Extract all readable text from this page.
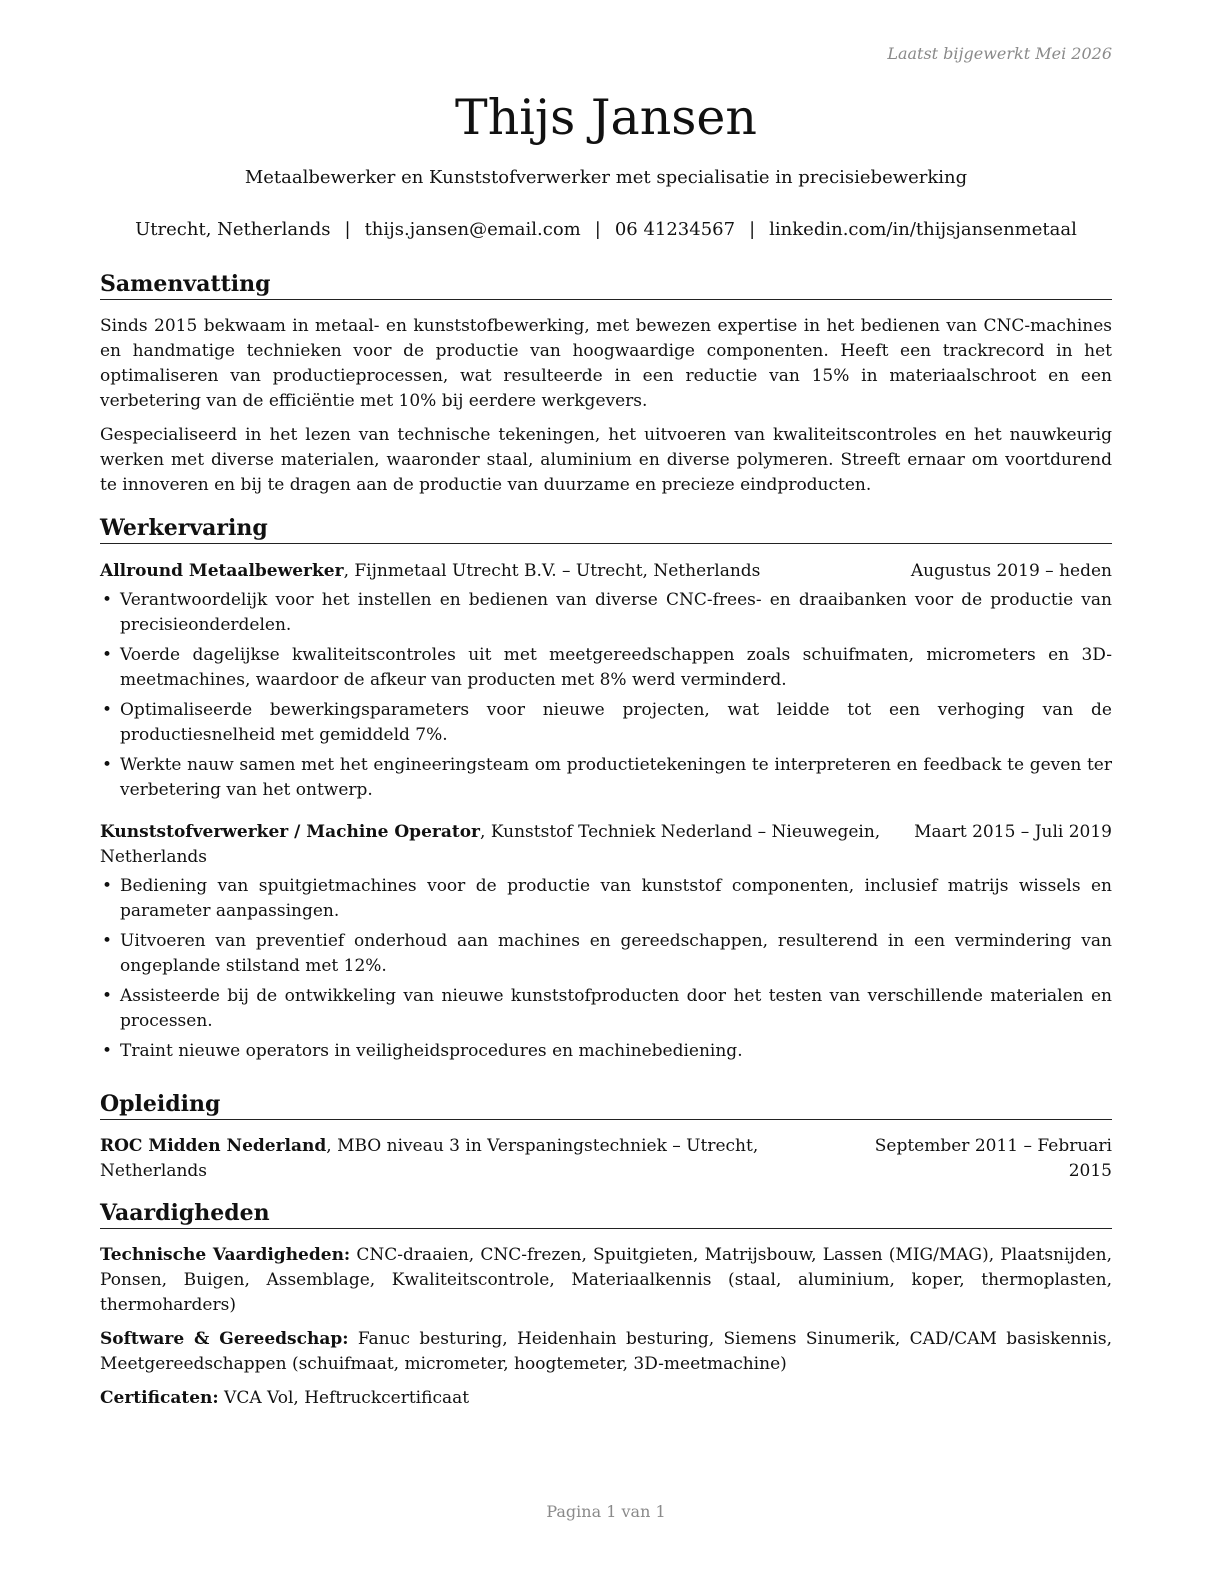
Laatst bijgewerkt Mei 2026
Thijs Jansen
Metaalbewerker en Kunststofverwerker met specialisatie in precisiebewerking
Utrecht, Netherlands | thijs.jansen@email.com | 06 41234567 | linkedin.com/in/thijsjansenmetaal
Samenvatting

Sinds 2015 bekwaam in metaal- en kunststofbewerking, met bewezen expertise in het bedienen van CNC-machines en handmatige technieken voor de productie van hoogwaardige componenten. Heeft een trackrecord in het optimaliseren van productieprocessen, wat resulteerde in een reductie van 15% in materiaalschroot en een verbetering van de efficiëntie met 10% bij eerdere werkgevers.

Gespecialiseerd in het lezen van technische tekeningen, het uitvoeren van kwaliteitscontroles en het nauwkeurig werken met diverse materialen, waaronder staal, aluminium en diverse polymeren. Streeft ernaar om voortdurend te innoveren en bij te dragen aan de productie van duurzame en precieze eindproducten.

Werkervaring
Allround Metaalbewerker, Fijnmetaal Utrecht B.V. – Utrecht, Netherlands	Augustus 2019 – heden
• Verantwoordelijk voor het instellen en bedienen van diverse CNC-frees- en draaibanken voor de productie van precisieonderdelen.
• Voerde dagelijkse kwaliteitscontroles uit met meetgereedschappen zoals schuifmaten, micrometers en 3D-meetmachines, waardoor de afkeur van producten met 8% werd verminderd.
• Optimaliseerde bewerkingsparameters voor nieuwe projecten, wat leidde tot een verhoging van de productiesnelheid met gemiddeld 7%.
• Werkte nauw samen met het engineeringsteam om productietekeningen te interpreteren en feedback te geven ter verbetering van het ontwerp.
Kunststofverwerker / Machine Operator, Kunststof Techniek Nederland – Nieuwegein, Netherlands
Maart 2015 – Juli 2019
• Bediening van spuitgietmachines voor de productie van kunststof componenten, inclusief matrijs wissels en parameter aanpassingen.
• Uitvoeren van preventief onderhoud aan machines en gereedschappen, resulterend in een vermindering van ongeplande stilstand met 12%.
• Assisteerde bij de ontwikkeling van nieuwe kunststofproducten door het testen van verschillende materialen en processen.
• Traint nieuwe operators in veiligheidsprocedures en machinebediening.
Opleiding
ROC Midden Nederland, MBO niveau 3 in Verspaningstechniek – Utrecht, Netherlands
September 2011 – Februari 2015
Vaardigheden

Technische Vaardigheden: CNC-draaien, CNC-frezen, Spuitgieten, Matrijsbouw, Lassen (MIG/MAG), Plaatsnijden, Ponsen, Buigen, Assemblage, Kwaliteitscontrole, Materiaalkennis (staal, aluminium, koper, thermoplasten, thermoharders)

Software & Gereedschap: Fanuc besturing, Heidenhain besturing, Siemens Sinumerik, CAD/CAM basiskennis, Meetgereedschappen (schuifmaat, micrometer, hoogtemeter, 3D-meetmachine)

Certificaten: VCA Vol, Heftruckcertificaat

Pagina 1 van 1
